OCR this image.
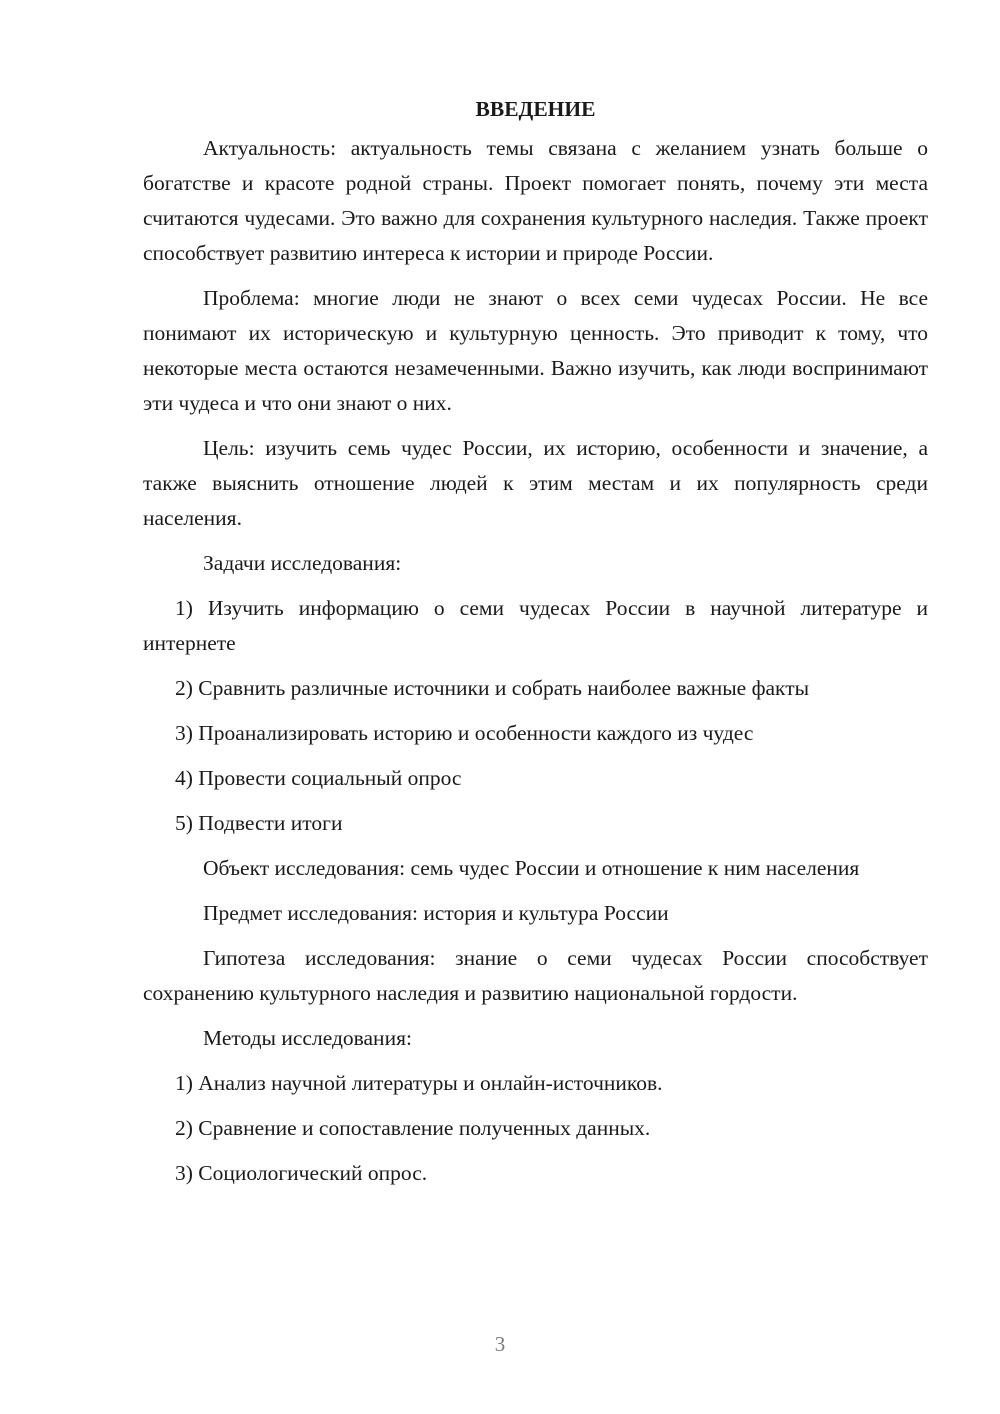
ВВЕДЕНИЕ

Актуальность: актуальность темы связана с желанием узнать больше о богатстве и красоте родной страны. Проект помогает понять, почему эти места считаются чудесами. Это важно для сохранения культурного наследия. Также проект способствует развитию интереса к истории и природе России.

Проблема: многие люди не знают о всех семи чудесах России. Не все понимают их историческую и культурную ценность. Это приводит к тому, что некоторые места остаются незамеченными. Важно изучить, как люди воспринимают эти чудеса и что они знают о них.

Цель: изучить семь чудес России, их историю, особенности и значение, а также выяснить отношение людей к этим местам и их популярность среди населения.

Задачи исследования:

1) Изучить информацию о семи чудесах России в научной литературе и интернете

2) Сравнить различные источники и собрать наиболее важные факты

3) Проанализировать историю и особенности каждого из чудес

4) Провести социальный опрос

5) Подвести итоги

Объект исследования: семь чудес России и отношение к ним населения

Предмет исследования: история и культура России

Гипотеза исследования: знание о семи чудесах России способствует сохранению культурного наследия и развитию национальной гордости.

Методы исследования:

1) Анализ научной литературы и онлайн-источников.

2) Сравнение и сопоставление полученных данных.

3) Социологический опрос.

3
